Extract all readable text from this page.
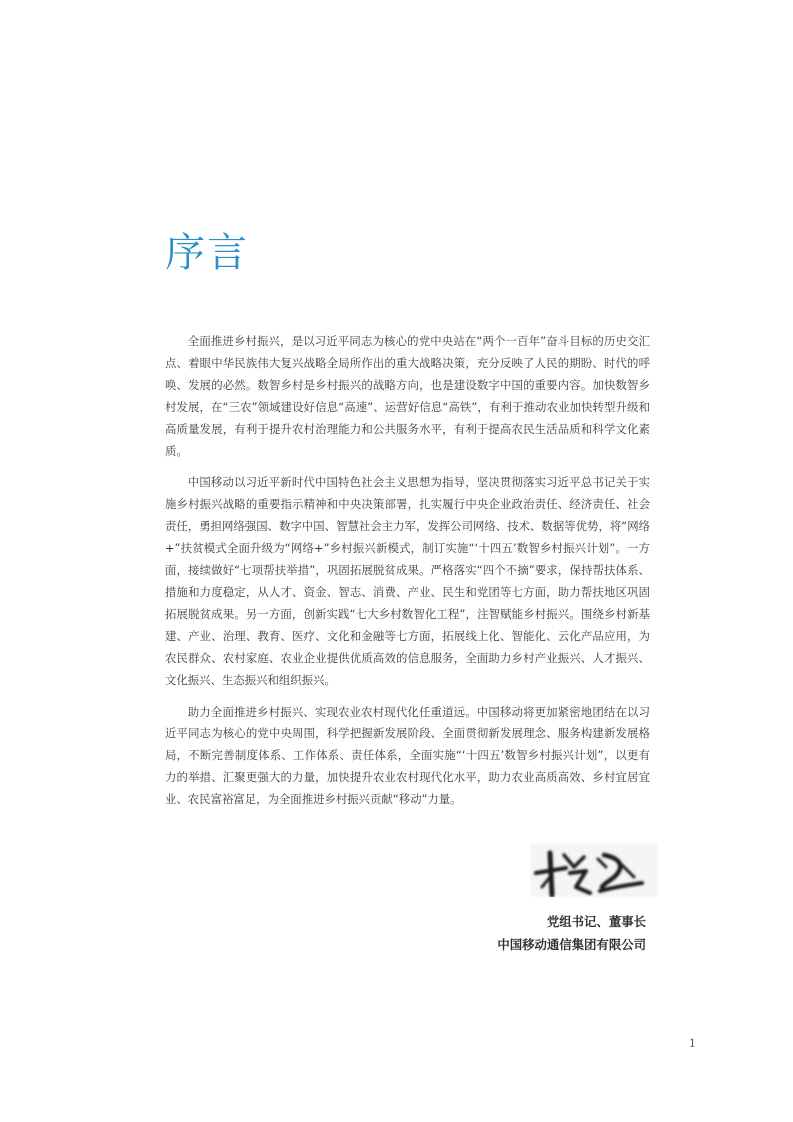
序言

全面推进乡村振兴，是以习近平同志为核心的党中央站在“两个一百年”奋斗目标的历史交汇点、着眼中华民族伟大复兴战略全局所作出的重大战略决策，充分反映了人民的期盼、时代的呼唤、发展的必然。数智乡村是乡村振兴的战略方向，也是建设数字中国的重要内容。加快数智乡村发展，在“三农”领域建设好信息“高速”、运营好信息“高铁”，有利于推动农业加快转型升级和高质量发展，有利于提升农村治理能力和公共服务水平，有利于提高农民生活品质和科学文化素质。

中国移动以习近平新时代中国特色社会主义思想为指导，坚决贯彻落实习近平总书记关于实施乡村振兴战略的重要指示精神和中央决策部署，扎实履行中央企业政治责任、经济责任、社会责任，勇担网络强国、数字中国、智慧社会主力军，发挥公司网络、技术、数据等优势，将“网络+”扶贫模式全面升级为“网络+”乡村振兴新模式，制订实施“‘十四五’数智乡村振兴计划”。一方面，接续做好“七项帮扶举措”，巩固拓展脱贫成果。严格落实“四个不摘”要求，保持帮扶体系、措施和力度稳定，从人才、资金、智志、消费、产业、民生和党团等七方面，助力帮扶地区巩固拓展脱贫成果。另一方面，创新实践“七大乡村数智化工程”，注智赋能乡村振兴。围绕乡村新基建、产业、治理、教育、医疗、文化和金融等七方面，拓展线上化、智能化、云化产品应用，为农民群众、农村家庭、农业企业提供优质高效的信息服务，全面助力乡村产业振兴、人才振兴、文化振兴、生态振兴和组织振兴。

助力全面推进乡村振兴、实现农业农村现代化任重道远。中国移动将更加紧密地团结在以习近平同志为核心的党中央周围，科学把握新发展阶段、全面贯彻新发展理念、服务构建新发展格局，不断完善制度体系、工作体系、责任体系，全面实施“‘十四五’数智乡村振兴计划”，以更有力的举措、汇聚更强大的力量，加快提升农业农村现代化水平，助力农业高质高效、乡村宜居宜业、农民富裕富足，为全面推进乡村振兴贡献“移动”力量。

党组书记、董事长
中国移动通信集团有限公司
1
